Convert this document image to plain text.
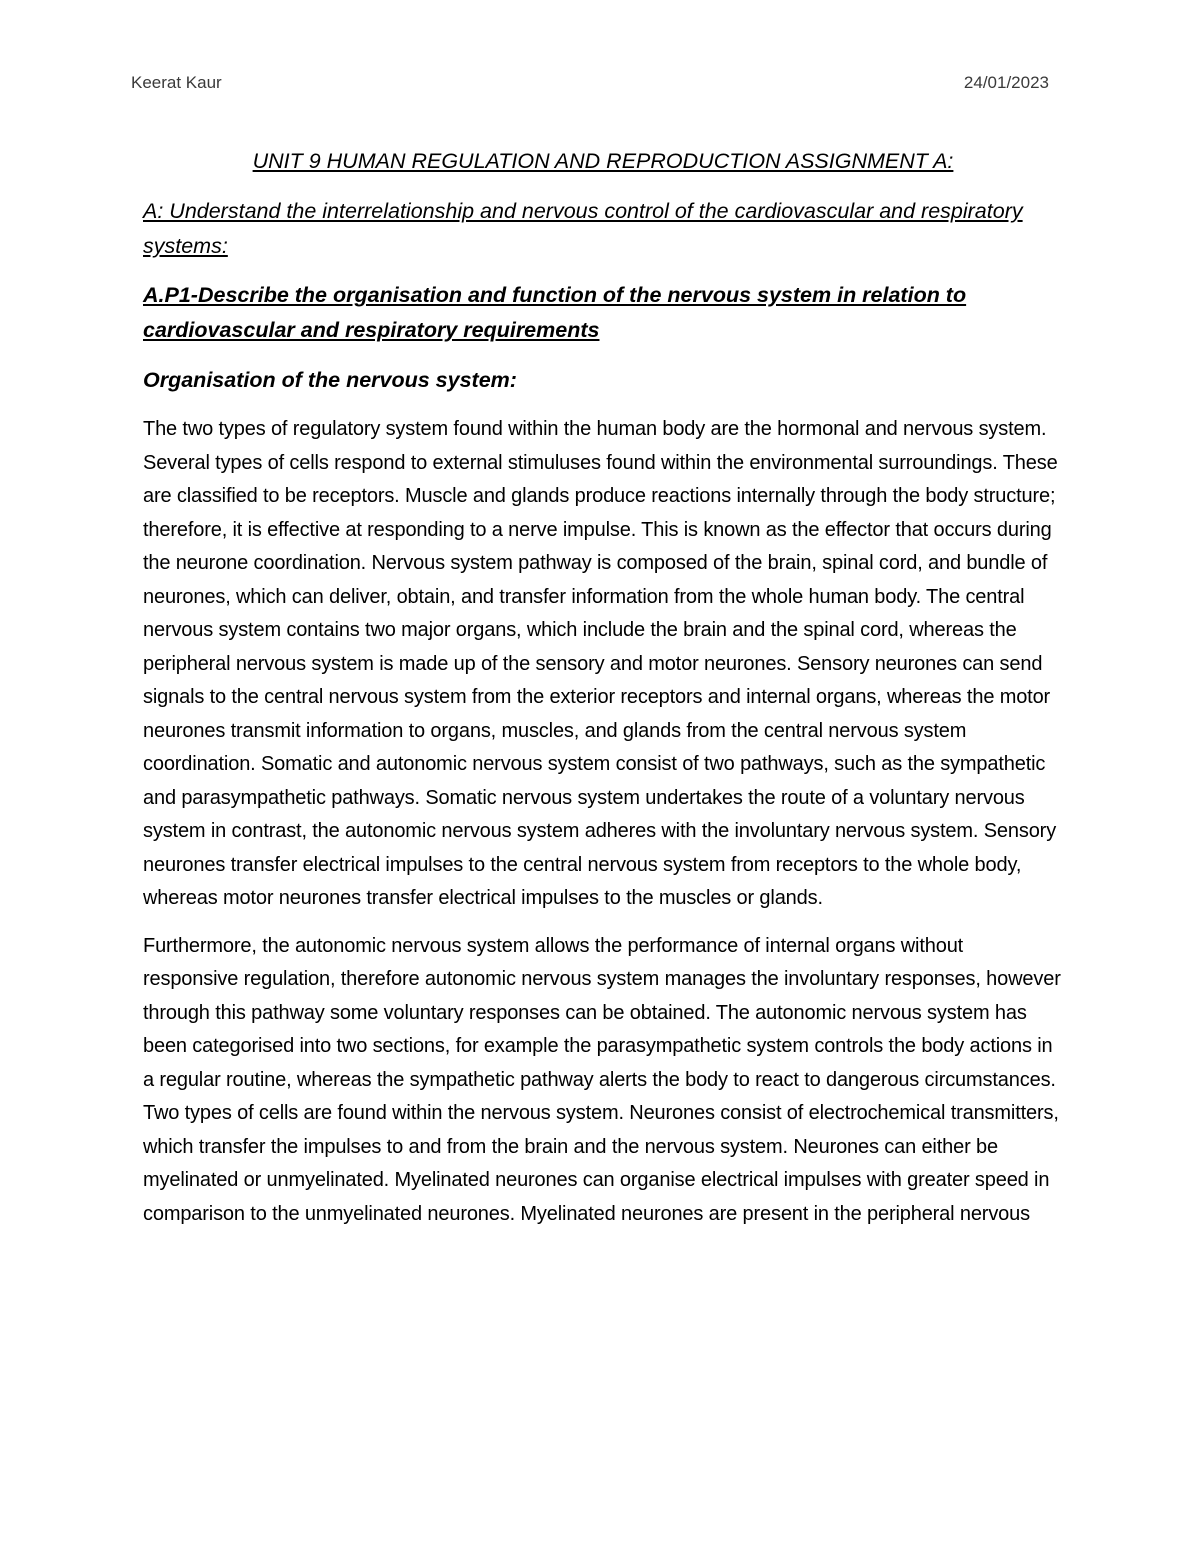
Keerat Kaur	24/01/2023
UNIT 9 HUMAN REGULATION AND REPRODUCTION ASSIGNMENT A:
A: Understand the interrelationship and nervous control of the cardiovascular and respiratory systems:
A.P1-Describe the organisation and function of the nervous system in relation to cardiovascular and respiratory requirements
Organisation of the nervous system:

The two types of regulatory system found within the human body are the hormonal and nervous system. Several types of cells respond to external stimuluses found within the environmental surroundings. These are classified to be receptors. Muscle and glands produce reactions internally through the body structure; therefore, it is effective at responding to a nerve impulse. This is known as the effector that occurs during the neurone coordination. Nervous system pathway is composed of the brain, spinal cord, and bundle of neurones, which can deliver, obtain, and transfer information from the whole human body. The central nervous system contains two major organs, which include the brain and the spinal cord, whereas the peripheral nervous system is made up of the sensory and motor neurones. Sensory neurones can send signals to the central nervous system from the exterior receptors and internal organs, whereas the motor neurones transmit information to organs, muscles, and glands from the central nervous system coordination. Somatic and autonomic nervous system consist of two pathways, such as the sympathetic and parasympathetic pathways. Somatic nervous system undertakes the route of a voluntary nervous system in contrast, the autonomic nervous system adheres with the involuntary nervous system. Sensory neurones transfer electrical impulses to the central nervous system from receptors to the whole body, whereas motor neurones transfer electrical impulses to the muscles or glands.

Furthermore, the autonomic nervous system allows the performance of internal organs without responsive regulation, therefore autonomic nervous system manages the involuntary responses, however through this pathway some voluntary responses can be obtained. The autonomic nervous system has been categorised into two sections, for example the parasympathetic system controls the body actions in a regular routine, whereas the sympathetic pathway alerts the body to react to dangerous circumstances. Two types of cells are found within the nervous system. Neurones consist of electrochemical transmitters, which transfer the impulses to and from the brain and the nervous system. Neurones can either be myelinated or unmyelinated. Myelinated neurones can organise electrical impulses with greater speed in comparison to the unmyelinated neurones. Myelinated neurones are present in the peripheral nervous
